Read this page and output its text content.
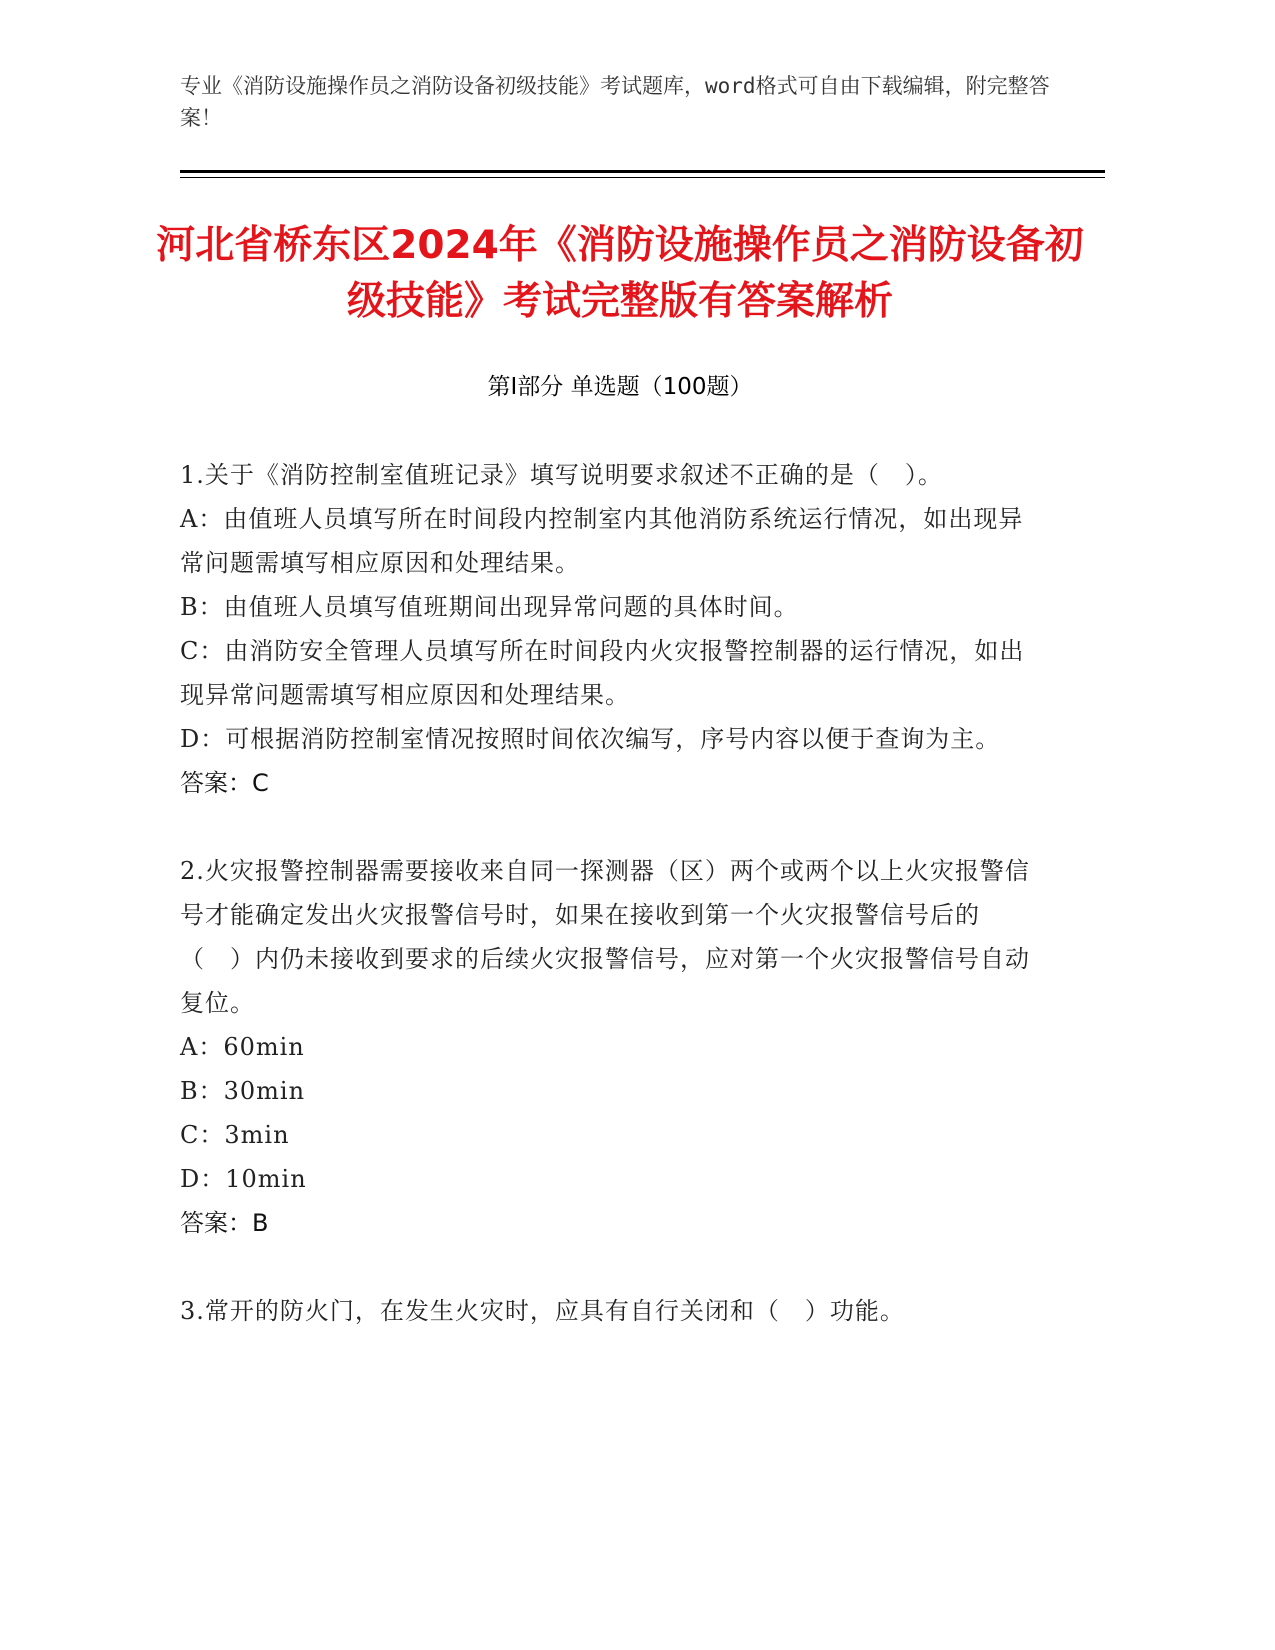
专业《消防设施操作员之消防设备初级技能》考试题库，word格式可自由下载编辑，附完整答案！
河北省桥东区2024年《消防设施操作员之消防设备初级技能》考试完整版有答案解析
第Ⅰ部分 单选题（100题）
1.关于《消防控制室值班记录》填写说明要求叙述不正确的是（　）。
A：由值班人员填写所在时间段内控制室内其他消防系统运行情况，如出现异常问题需填写相应原因和处理结果。
B：由值班人员填写值班期间出现异常问题的具体时间。
C：由消防安全管理人员填写所在时间段内火灾报警控制器的运行情况，如出现异常问题需填写相应原因和处理结果。
D：可根据消防控制室情况按照时间依次编写，序号内容以便于查询为主。
答案：C
2.火灾报警控制器需要接收来自同一探测器（区）两个或两个以上火灾报警信号才能确定发出火灾报警信号时，如果在接收到第一个火灾报警信号后的（　）内仍未接收到要求的后续火灾报警信号，应对第一个火灾报警信号自动复位。
A：60min
B：30min
C：3min
D：10min
答案：B
3.常开的防火门，在发生火灾时，应具有自行关闭和（　）功能。
